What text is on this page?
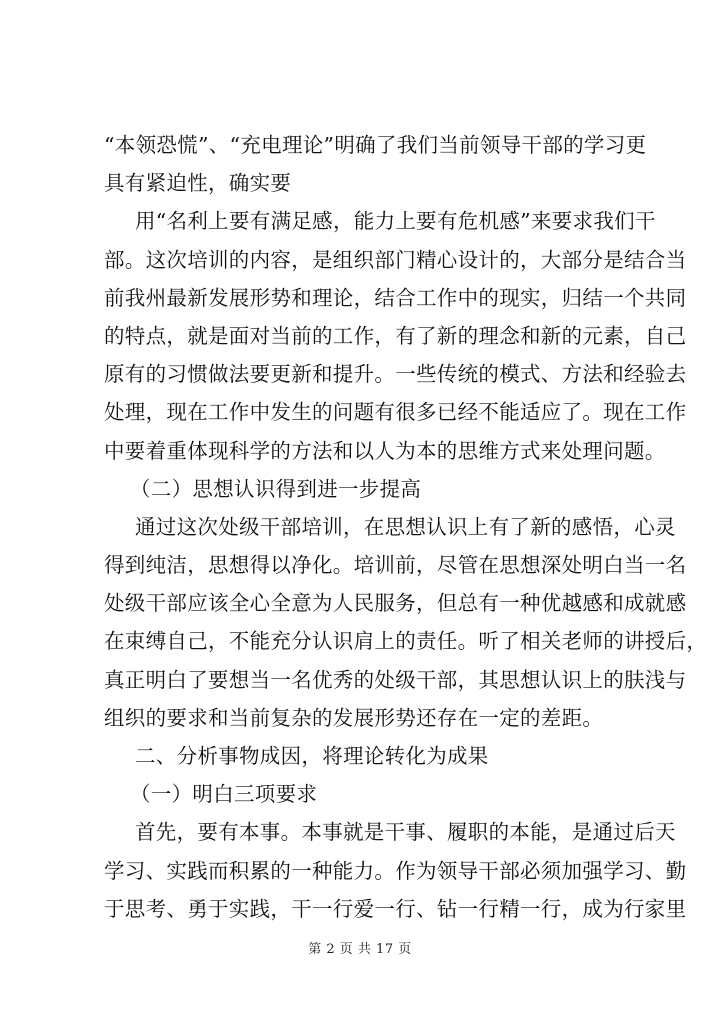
“本领恐慌”、“充电理论”明确了我们当前领导干部的学习更
具有紧迫性，确实要
用“名利上要有满足感，能力上要有危机感”来要求我们干
部。这次培训的内容，是组织部门精心设计的，大部分是结合当
前我州最新发展形势和理论，结合工作中的现实，归结一个共同
的特点，就是面对当前的工作，有了新的理念和新的元素，自己
原有的习惯做法要更新和提升。一些传统的模式、方法和经验去
处理，现在工作中发生的问题有很多已经不能适应了。现在工作
中要着重体现科学的方法和以人为本的思维方式来处理问题。
（二）思想认识得到进一步提高
通过这次处级干部培训，在思想认识上有了新的感悟，心灵
得到纯洁，思想得以净化。培训前，尽管在思想深处明白当一名
处级干部应该全心全意为人民服务，但总有一种优越感和成就感
在束缚自己，不能充分认识肩上的责任。听了相关老师的讲授后，
真正明白了要想当一名优秀的处级干部，其思想认识上的肤浅与
组织的要求和当前复杂的发展形势还存在一定的差距。
二、分析事物成因，将理论转化为成果
（一）明白三项要求
首先，要有本事。本事就是干事、履职的本能，是通过后天
学习、实践而积累的一种能力。作为领导干部必须加强学习、勤
于思考、勇于实践，干一行爱一行、钻一行精一行，成为行家里
第 2 页 共 17 页
